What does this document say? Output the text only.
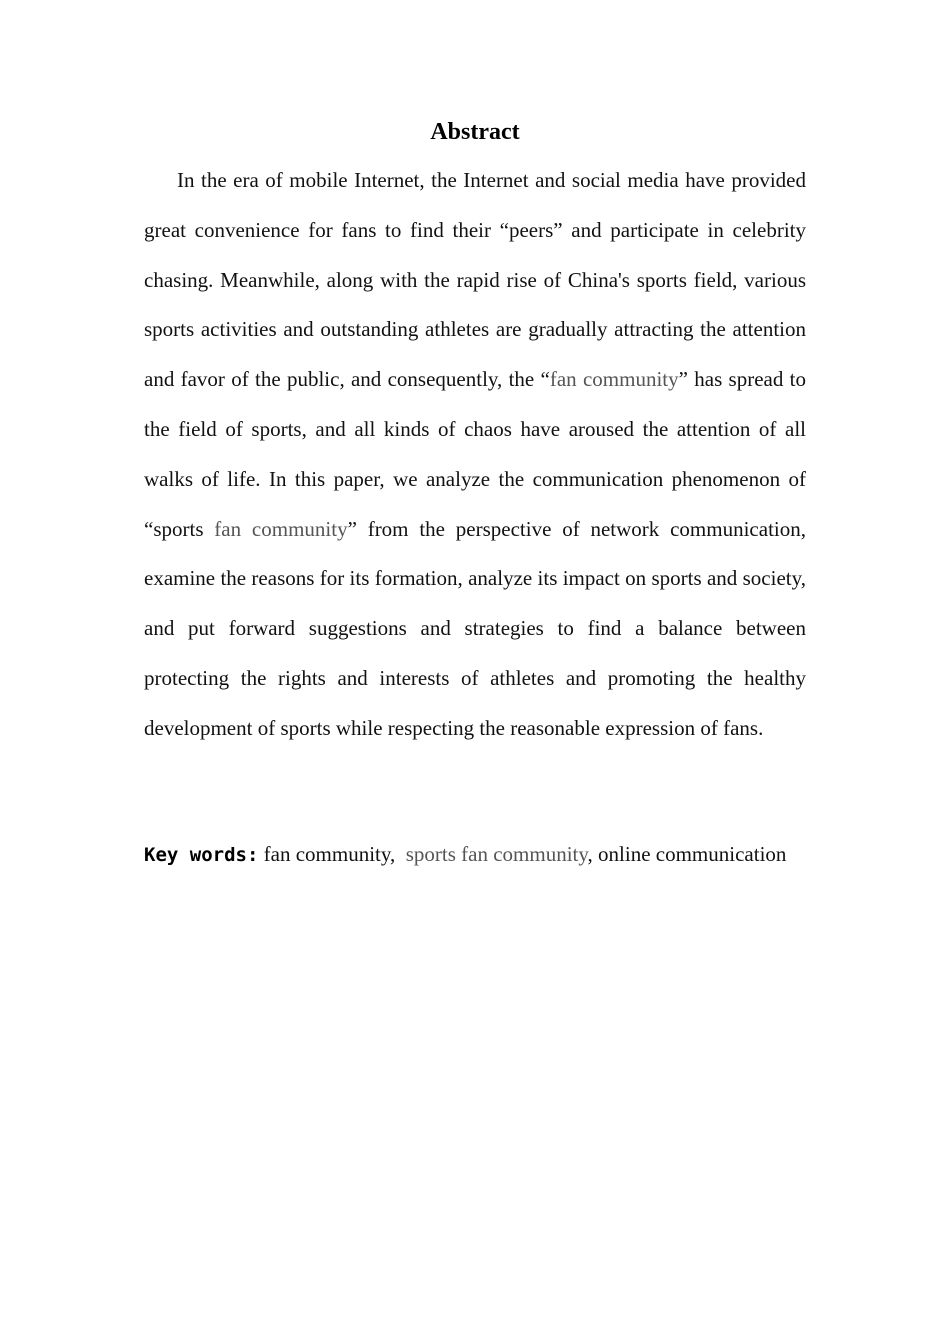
Abstract

In the era of mobile Internet, the Internet and social media have provided great convenience for fans to find their “peers” and participate in celebrity chasing. Meanwhile, along with the rapid rise of China's sports field, various sports activities and outstanding athletes are gradually attracting the attention and favor of the public, and consequently, the “fan community” has spread to the field of sports, and all kinds of chaos have aroused the attention of all walks of life. In this paper, we analyze the communication phenomenon of “sports fan community” from the perspective of network communication, examine the reasons for its formation, analyze its impact on sports and society, and put forward suggestions and strategies to find a balance between protecting the rights and interests of athletes and promoting the healthy development of sports while respecting the reasonable expression of fans.

Key words: fan community, sports fan community, online communication
